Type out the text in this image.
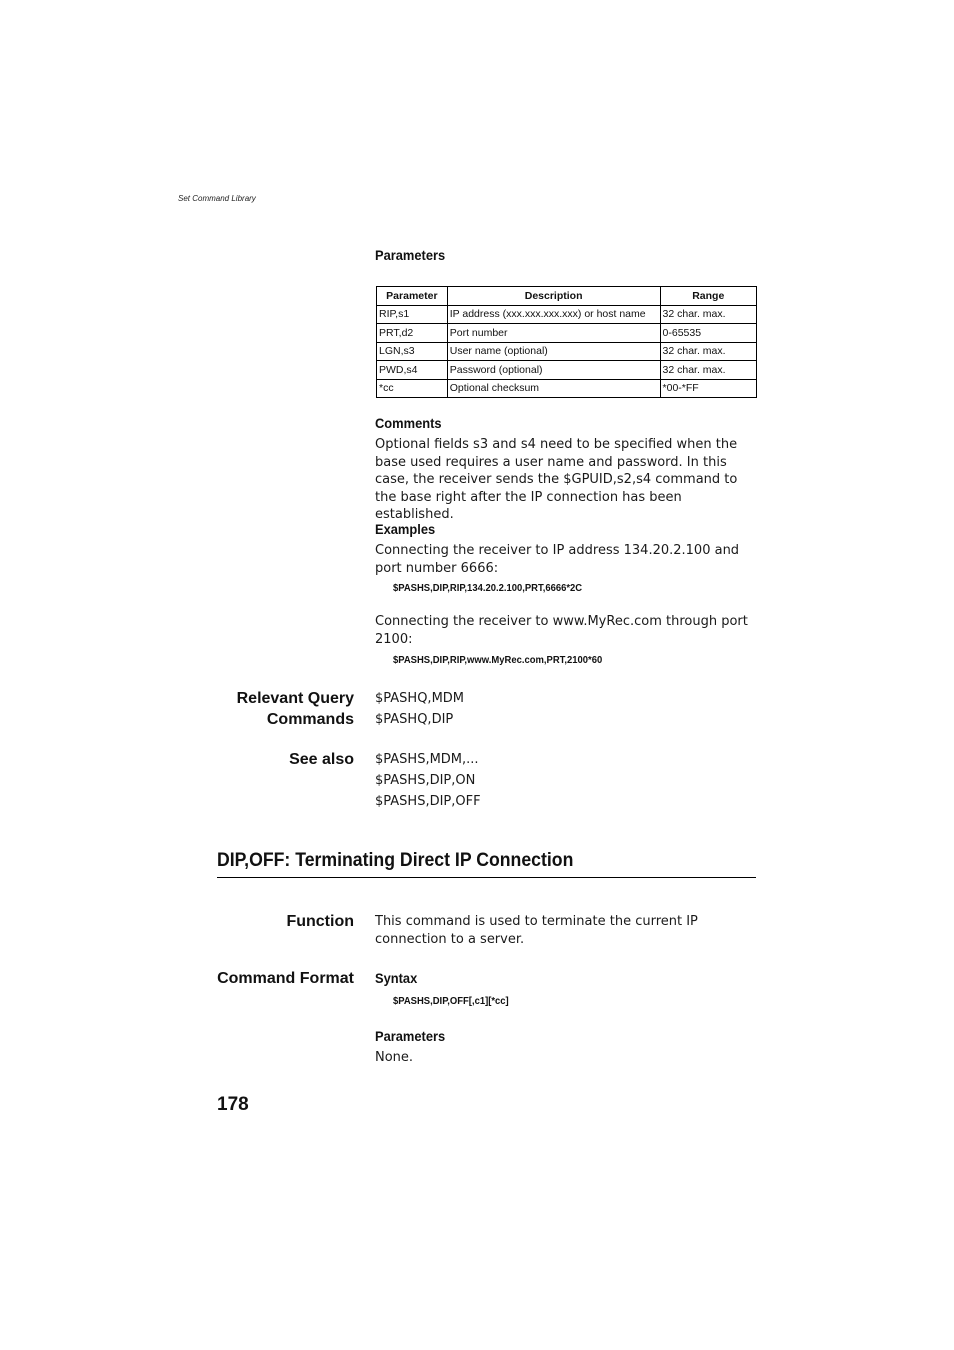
Set Command Library
Parameters
Parameter	Description	Range
RIP,s1	IP address (xxx.xxx.xxx.xxx) or host name	32 char. max.
PRT,d2	Port number	0-65535
LGN,s3	User name (optional)	32 char. max.
PWD,s4	Password (optional)	32 char. max.
*cc	Optional checksum	*00-*FF
Comments
Optional fields s3 and s4 need to be specified when the base used requires a user name and password. In this case, the receiver sends the $GPUID,s2,s4 command to the base right after the IP connection has been established.
Examples
Connecting the receiver to IP address 134.20.2.100 and port number 6666:
$PASHS,DIP,RIP,134.20.2.100,PRT,6666*2C
Connecting the receiver to www.MyRec.com through port 2100:
$PASHS,DIP,RIP,www.MyRec.com,PRT,2100*60
Relevant Query
Commands
$PASHQ,MDM
$PASHQ,DIP
See also $PASHS,MDM,...
$PASHS,DIP,ON
$PASHS,DIP,OFF
DIP,OFF: Terminating Direct IP Connection
Function This command is used to terminate the current IP connection to a server.
Command Format Syntax
$PASHS,DIP,OFF[,c1][*cc]
Parameters
None.
178
